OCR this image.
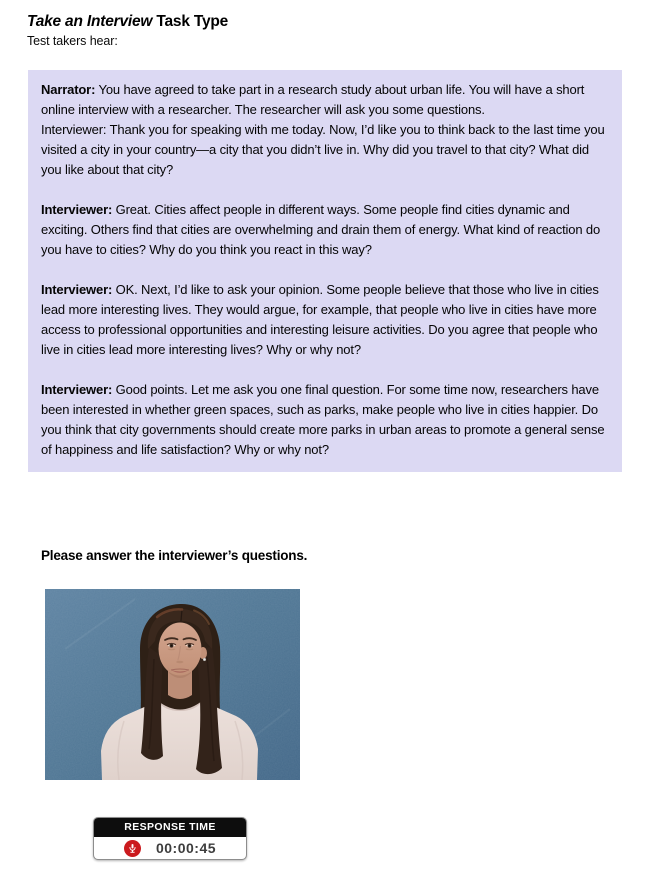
Take an Interview Task Type
Test takers hear:

Narrator: You have agreed to take part in a research study about urban life. You will have a short online interview with a researcher. The researcher will ask you some questions.
Interviewer: Thank you for speaking with me today. Now, I’d like you to think back to the last time you visited a city in your country—a city that you didn’t live in. Why did you travel to that city? What did you like about that city?

Interviewer: Great. Cities affect people in different ways. Some people find cities dynamic and exciting. Others find that cities are overwhelming and drain them of energy. What kind of reaction do you have to cities? Why do you think you react in this way?

Interviewer: OK. Next, I’d like to ask your opinion. Some people believe that those who live in cities lead more interesting lives. They would argue, for example, that people who live in cities have more access to professional opportunities and interesting leisure activities. Do you agree that people who live in cities lead more interesting lives? Why or why not?

Interviewer: Good points. Let me ask you one final question. For some time now, researchers have been interested in whether green spaces, such as parks, make people who live in cities happier. Do you think that city governments should create more parks in urban areas to promote a general sense of happiness and life satisfaction? Why or why not?

Please answer the interviewer’s questions.
RESPONSE TIME
00:00:45
